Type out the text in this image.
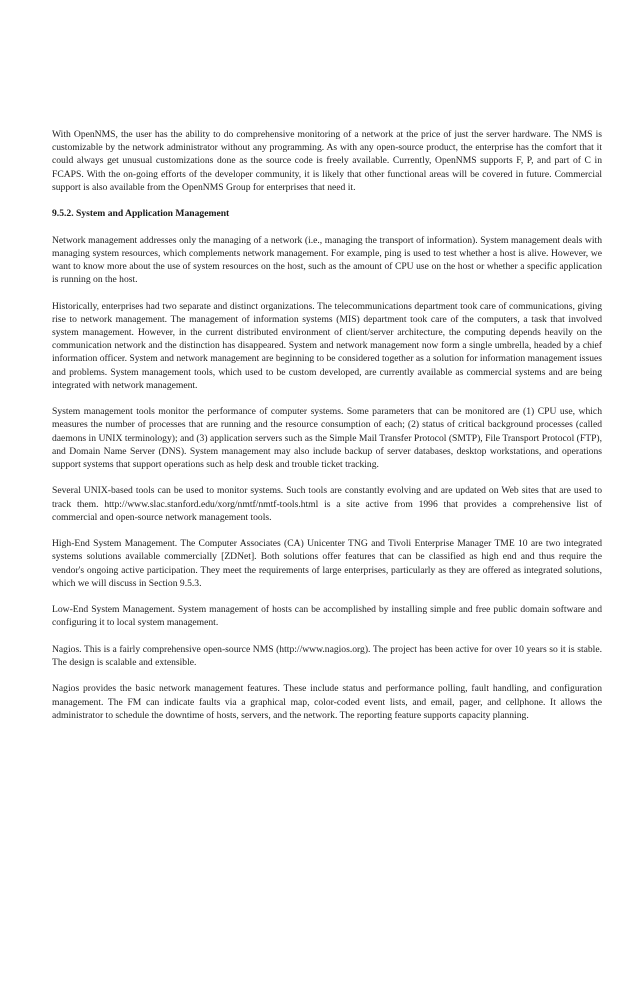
With OpenNMS, the user has the ability to do comprehensive monitoring of a network at the price of just the server hardware. The NMS is customizable by the network administrator without any programming. As with any open-source product, the enterprise has the comfort that it could always get unusual customizations done as the source code is freely available. Currently, OpenNMS supports F, P, and part of C in FCAPS. With the on-going efforts of the developer community, it is likely that other functional areas will be covered in future. Commercial support is also available from the OpenNMS Group for enterprises that need it.

9.5.2. System and Application Management

Network management addresses only the managing of a network (i.e., managing the transport of information). System management deals with managing system resources, which complements network management. For example, ping is used to test whether a host is alive. However, we want to know more about the use of system resources on the host, such as the amount of CPU use on the host or whether a specific application is running on the host.

Historically, enterprises had two separate and distinct organizations. The telecommunications department took care of communications, giving rise to network management. The management of information systems (MIS) department took care of the computers, a task that involved system management. However, in the current distributed environment of client/server architecture, the computing depends heavily on the communication network and the distinction has disappeared. System and network management now form a single umbrella, headed by a chief information officer. System and network management are beginning to be considered together as a solution for information management issues and problems. System management tools, which used to be custom developed, are currently available as commercial systems and are being integrated with network management.

System management tools monitor the performance of computer systems. Some parameters that can be monitored are (1) CPU use, which measures the number of processes that are running and the resource consumption of each; (2) status of critical background processes (called daemons in UNIX terminology); and (3) application servers such as the Simple Mail Transfer Protocol (SMTP), File Transport Protocol (FTP), and Domain Name Server (DNS). System management may also include backup of server databases, desktop workstations, and operations support systems that support operations such as help desk and trouble ticket tracking.

Several UNIX-based tools can be used to monitor systems. Such tools are constantly evolving and are updated on Web sites that are used to track them. http://www.slac.stanford.edu/xorg/nmtf/nmtf-tools.html is a site active from 1996 that provides a comprehensive list of commercial and open-source network management tools.

High-End System Management. The Computer Associates (CA) Unicenter TNG and Tivoli Enterprise Manager TME 10 are two integrated systems solutions available commercially [ZDNet]. Both solutions offer features that can be classified as high end and thus require the vendor's ongoing active participation. They meet the requirements of large enterprises, particularly as they are offered as integrated solutions, which we will discuss in Section 9.5.3.

Low-End System Management. System management of hosts can be accomplished by installing simple and free public domain software and configuring it to local system management.

Nagios. This is a fairly comprehensive open-source NMS (http://www.nagios.org). The project has been active for over 10 years so it is stable. The design is scalable and extensible.

Nagios provides the basic network management features. These include status and performance polling, fault handling, and configuration management. The FM can indicate faults via a graphical map, color-coded event lists, and email, pager, and cellphone. It allows the administrator to schedule the downtime of hosts, servers, and the network. The reporting feature supports capacity planning.
